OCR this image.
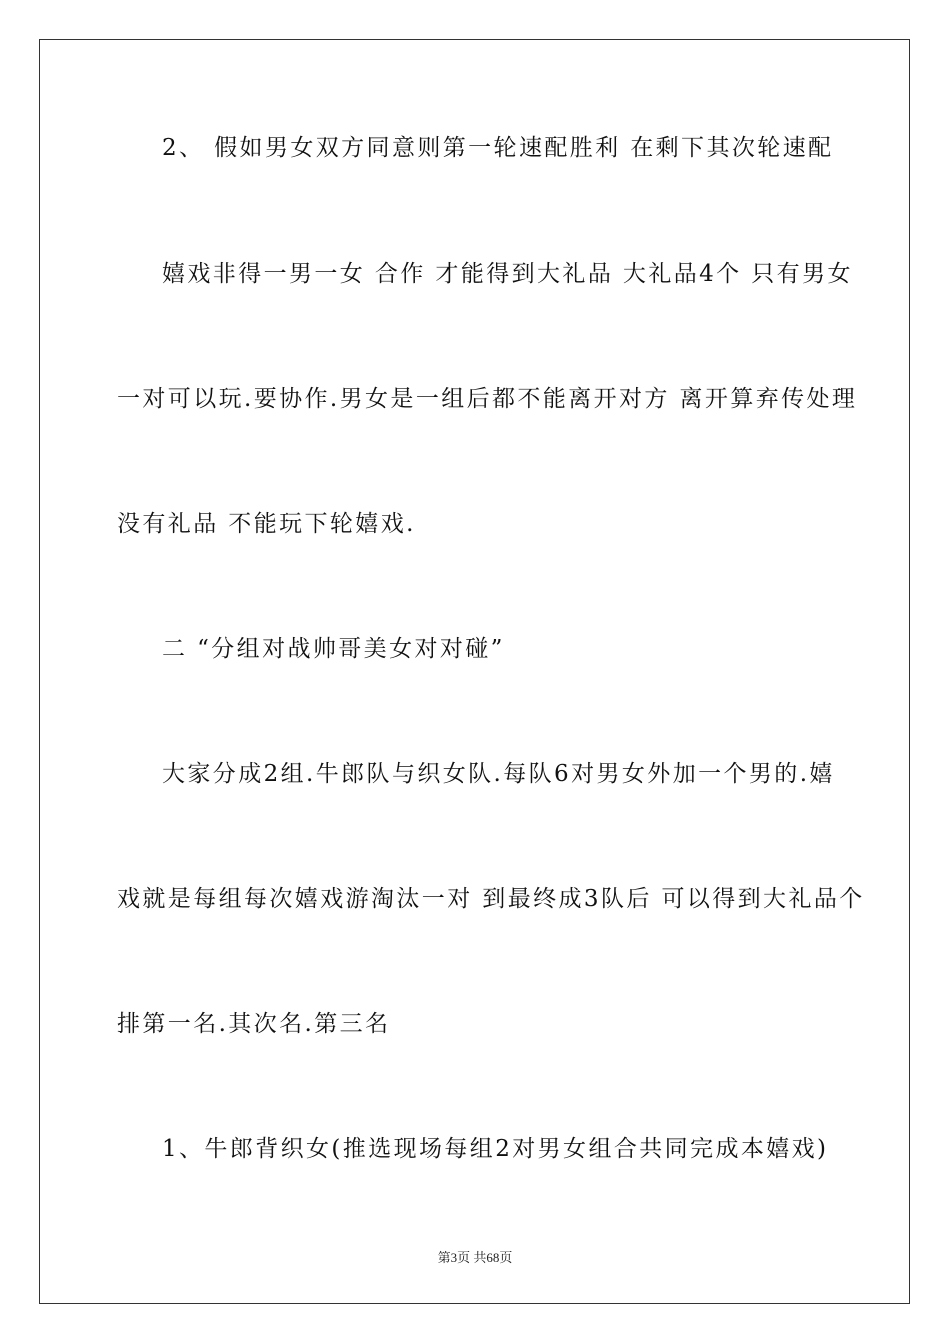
2、 假如男女双方同意则第一轮速配胜利 在剩下其次轮速配
嬉戏非得一男一女 合作 才能得到大礼品 大礼品4个 只有男女
一对可以玩.要协作.男女是一组后都不能离开对方 离开算弃传处理
没有礼品 不能玩下轮嬉戏.
二 “分组对战帅哥美女对对碰”
大家分成2组.牛郎队与织女队.每队6对男女外加一个男的.嬉
戏就是每组每次嬉戏游淘汰一对 到最终成3队后 可以得到大礼品个
排第一名.其次名.第三名
1、牛郎背织女(推选现场每组2对男女组合共同完成本嬉戏)
第3页 共68页
